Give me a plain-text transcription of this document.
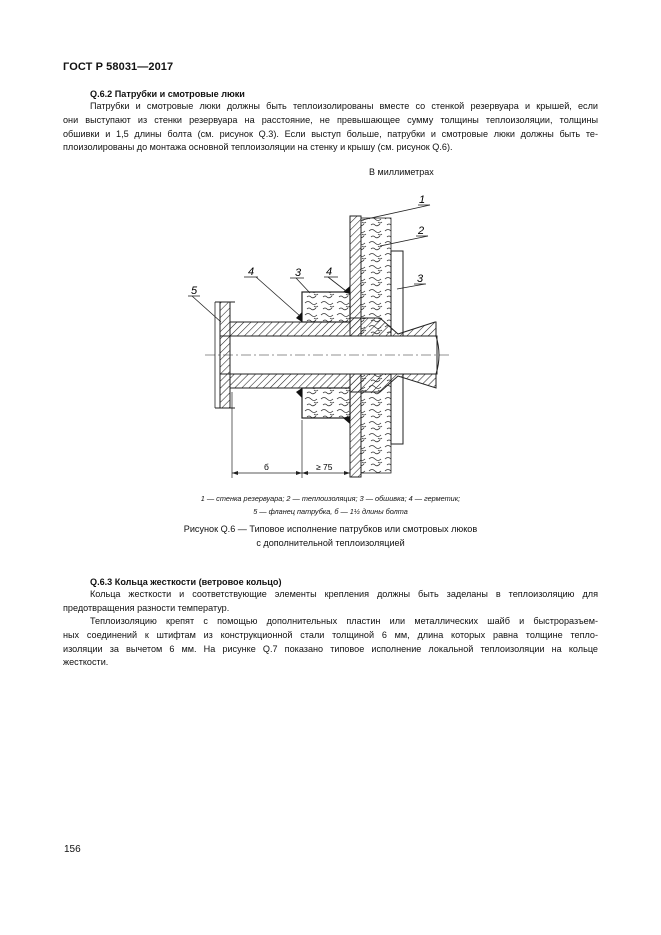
ГОСТ Р 58031—2017
Q.6.2 Патрубки и смотровые люки
Патрубки и смотровые люки должны быть теплоизолированы вместе со стенкой резервуара и крышей, если
они выступают из стенки резервуара на расстояние, не превышающее сумму толщины теплоизоляции, толщины
обшивки и 1,5 длины болта (см. рисунок Q.3). Если выступ больше, патрубки и смотровые люки должны быть те-
плоизолированы до монтажа основной теплоизоляции на стенку и крышу (см. рисунок Q.6).
В миллиметрах
1
2
3
3
4	4
5
б	≥ 75
1 — стенка резервуара; 2 — теплоизоляция; 3 — обшивка; 4 — герметик;
5 — фланец патрубка, б — 1½ длины болта
Рисунок Q.6 — Типовое исполнение патрубков или смотровых люков
с дополнительной теплоизоляцией
Q.6.3 Кольца жесткости (ветровое кольцо)
Кольца жесткости и соответствующие элементы крепления должны быть заделаны в теплоизоляцию для
предотвращения разности температур.
Теплоизоляцию крепят с помощью дополнительных пластин или металлических шайб и быстроразъем-
ных соединений к штифтам из конструкционной стали толщиной 6 мм, длина которых равна толщине тепло-
изоляции за вычетом 6 мм. На рисунке Q.7 показано типовое исполнение локальной теплоизоляции на кольце
жесткости.
156
